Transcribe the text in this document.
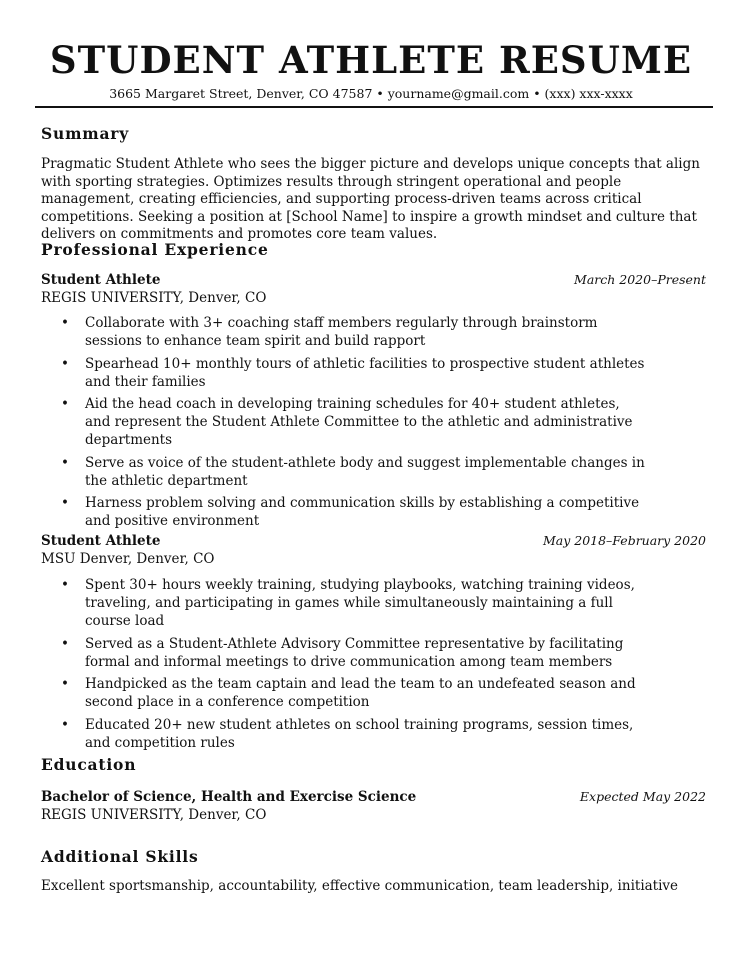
STUDENT ATHLETE RESUME
3665 Margaret Street, Denver, CO 47587 • yourname@gmail.com • (xxx) xxx-xxxx
Summary

Pragmatic Student Athlete who sees the bigger picture and develops unique concepts that align with sporting strategies. Optimizes results through stringent operational and people management, creating efficiencies, and supporting process-driven teams across critical competitions. Seeking a position at [School Name] to inspire a growth mindset and culture that delivers on commitments and promotes core team values.

Professional Experience
Student Athlete	March 2020–Present
REGIS UNIVERSITY, Denver, CO
• Collaborate with 3+ coaching staff members regularly through brainstorm sessions to enhance team spirit and build rapport
• Spearhead 10+ monthly tours of athletic facilities to prospective student athletes and their families
• Aid the head coach in developing training schedules for 40+ student athletes, and represent the Student Athlete Committee to the athletic and administrative departments
• Serve as voice of the student-athlete body and suggest implementable changes in the athletic department
• Harness problem solving and communication skills by establishing a competitive and positive environment
Student Athlete	May 2018–February 2020
MSU Denver, Denver, CO
• Spent 30+ hours weekly training, studying playbooks, watching training videos, traveling, and participating in games while simultaneously maintaining a full course load
• Served as a Student-Athlete Advisory Committee representative by facilitating formal and informal meetings to drive communication among team members
• Handpicked as the team captain and lead the team to an undefeated season and second place in a conference competition
• Educated 20+ new student athletes on school training programs, session times, and competition rules
Education
Bachelor of Science, Health and Exercise Science	Expected May 2022
REGIS UNIVERSITY, Denver, CO
Additional Skills

Excellent sportsmanship, accountability, effective communication, team leadership, initiative
